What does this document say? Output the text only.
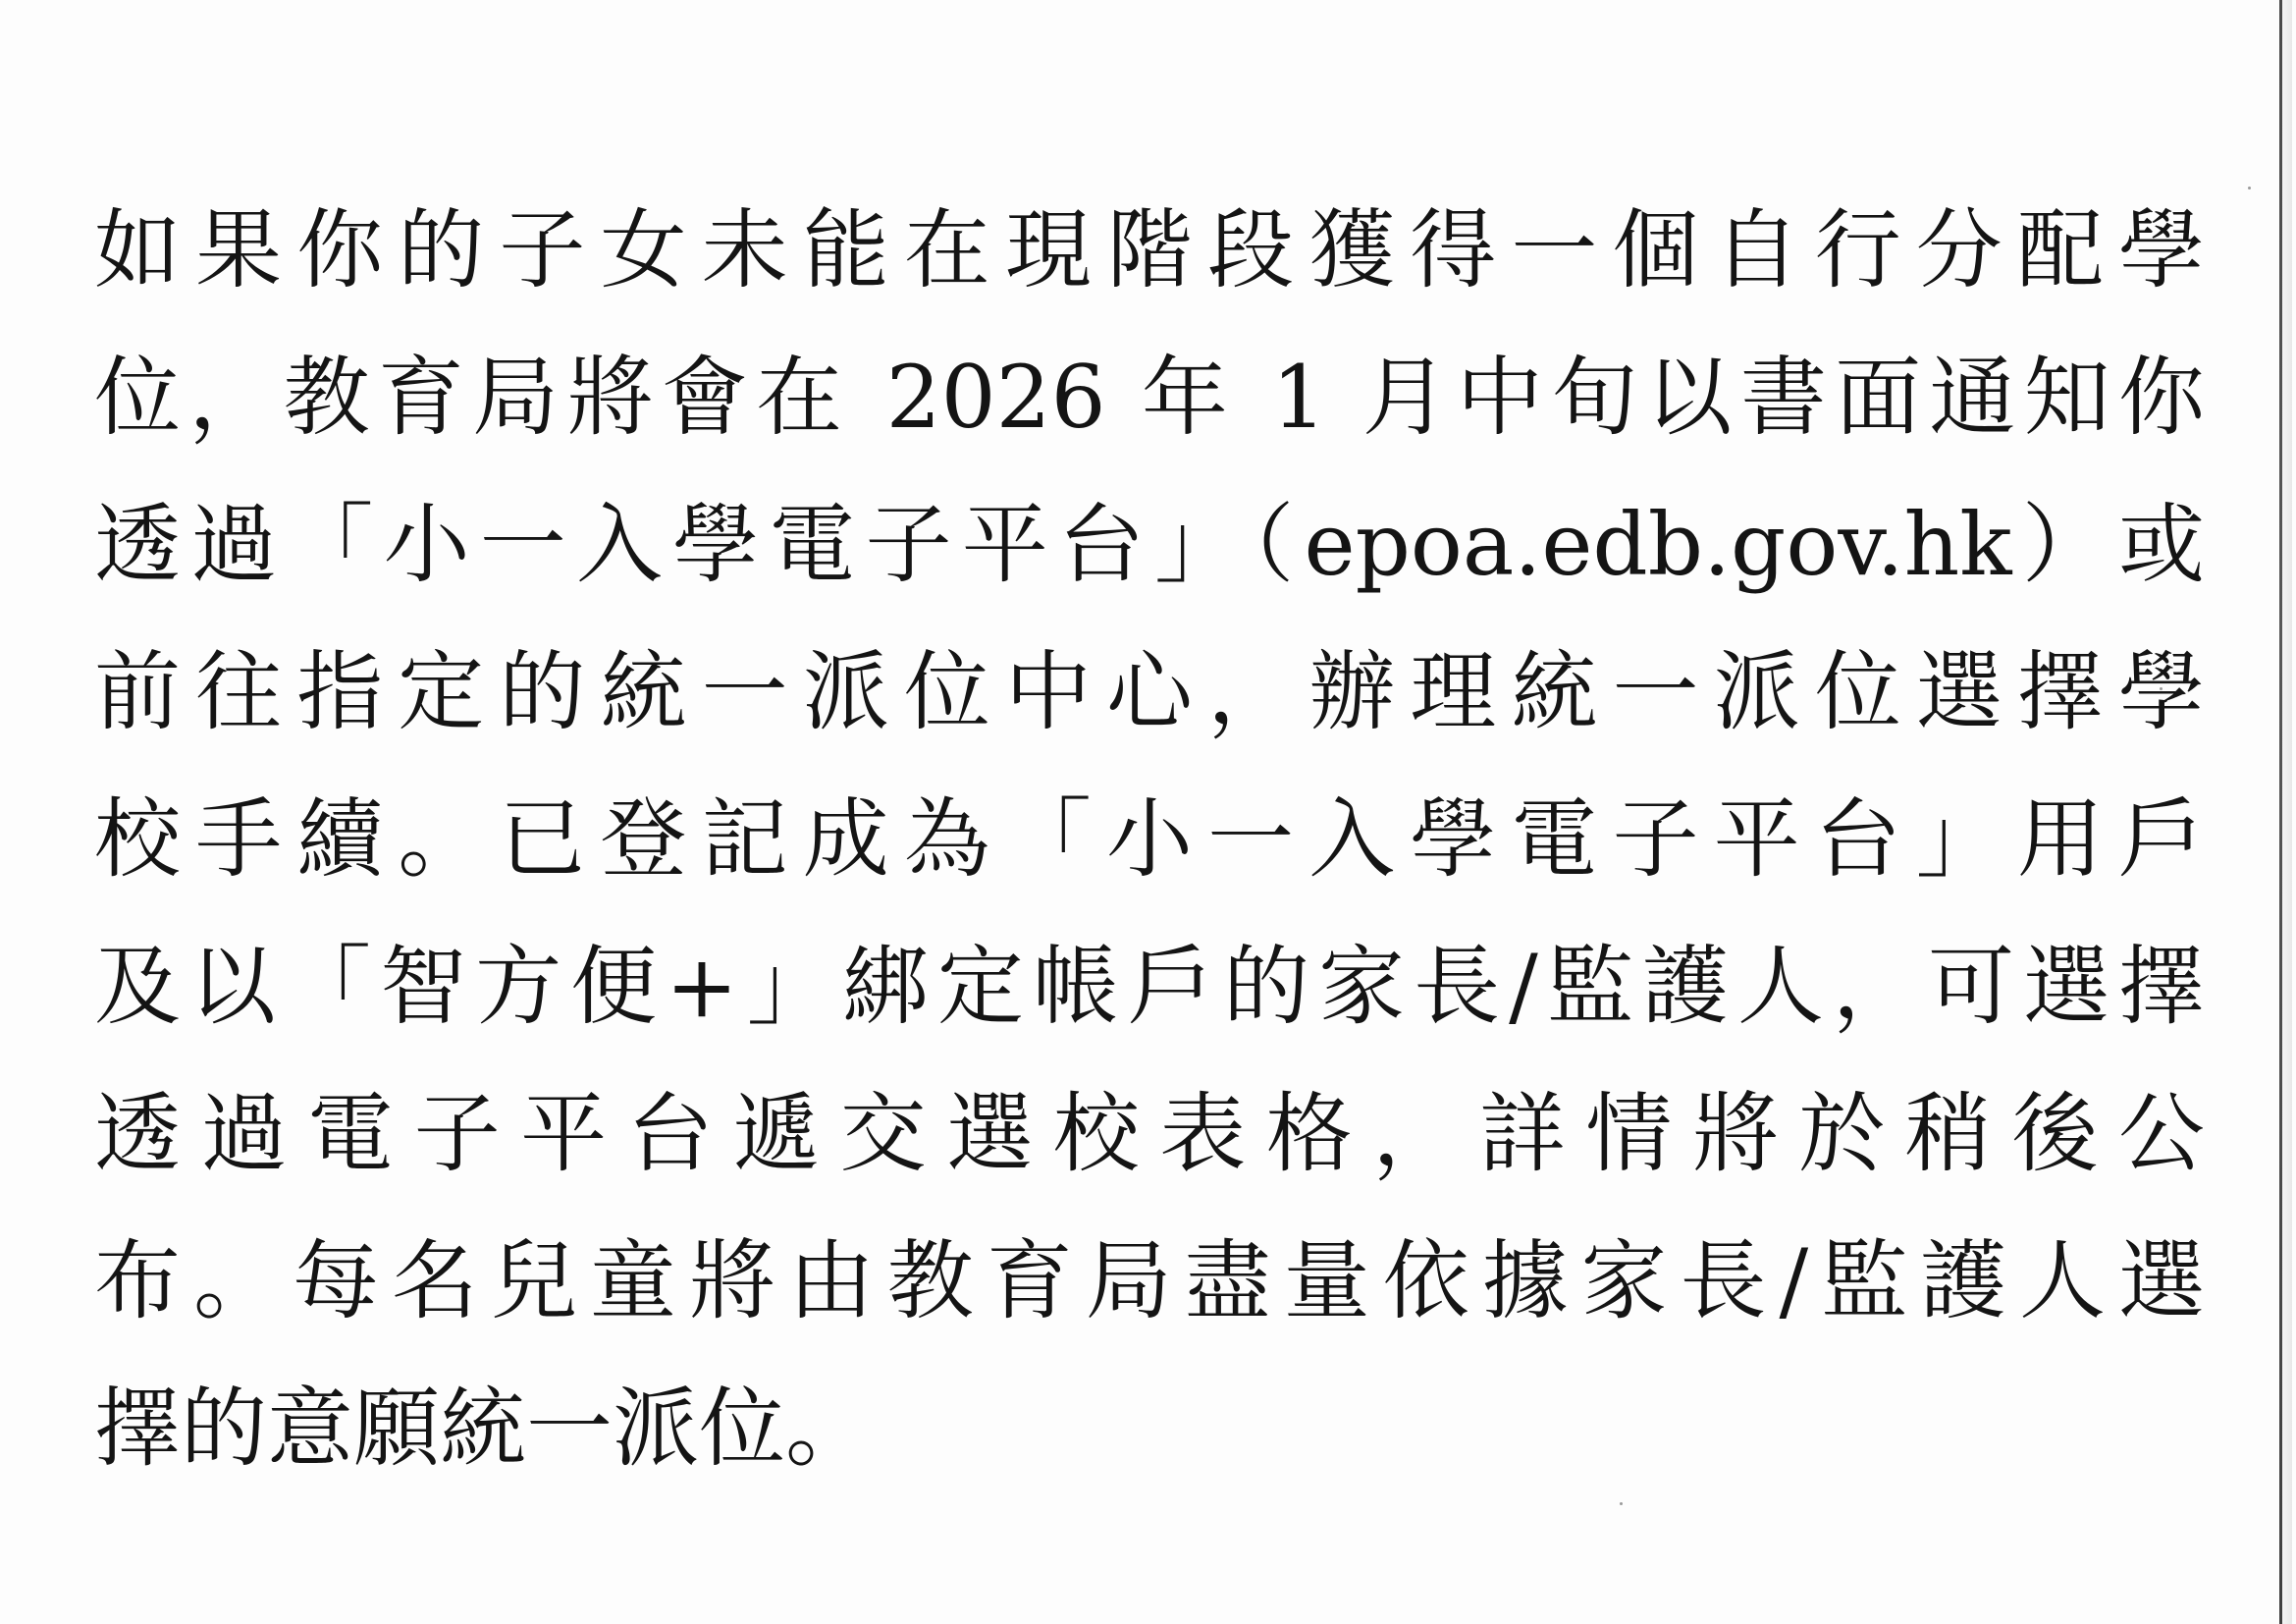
如果你的子女未能在現階段獲得一個自行分配學
位，教育局將會在 2026 年 1 月中旬以書面通知你
透過「小一入學電子平台」（epoa.edb.gov.hk）或
前往指定的統一派位中心，辦理統一派位選擇學
校手續。已登記成為「小一入學電子平台」用戶
及以「智方便+」綁定帳戶的家長/監護人，可選擇
透過電子平台遞交選校表格，詳情將於稍後公
布。每名兒童將由教育局盡量依據家長/監護人選
擇的意願統一派位。
